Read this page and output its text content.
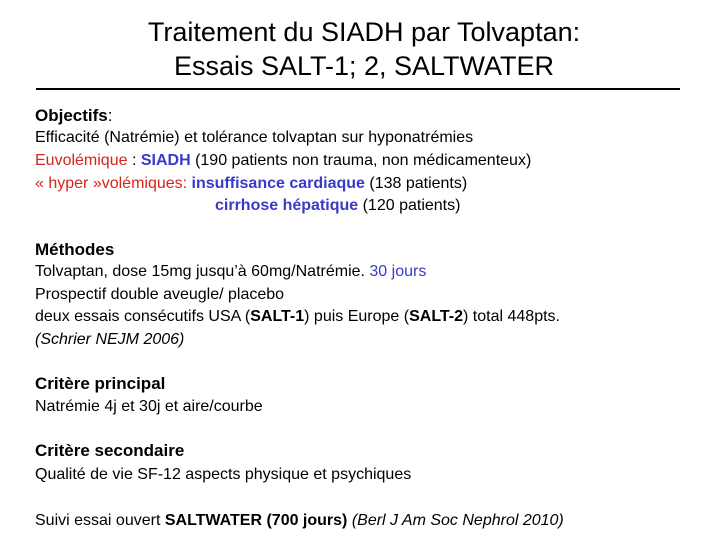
Traitement du SIADH par Tolvaptan:
Essais SALT-1; 2, SALTWATER
Objectifs:
Efficacité (Natrémie) et tolérance tolvaptan sur hyponatrémies
Euvolémique : SIADH (190 patients non trauma, non médicamenteux)
« hyper »volémiques: insuffisance cardiaque (138 patients)
cirrhose hépatique (120 patients)
Méthodes
Tolvaptan, dose 15mg jusqu’à 60mg/Natrémie. 30 jours
Prospectif double aveugle/ placebo
deux essais consécutifs USA (SALT-1) puis Europe (SALT-2) total 448pts.
(Schrier NEJM 2006)
Critère principal
Natrémie 4j et 30j et aire/courbe
Critère secondaire
Qualité de vie SF-12 aspects physique et psychiques
Suivi essai ouvert SALTWATER (700 jours) (Berl J Am Soc Nephrol 2010)
